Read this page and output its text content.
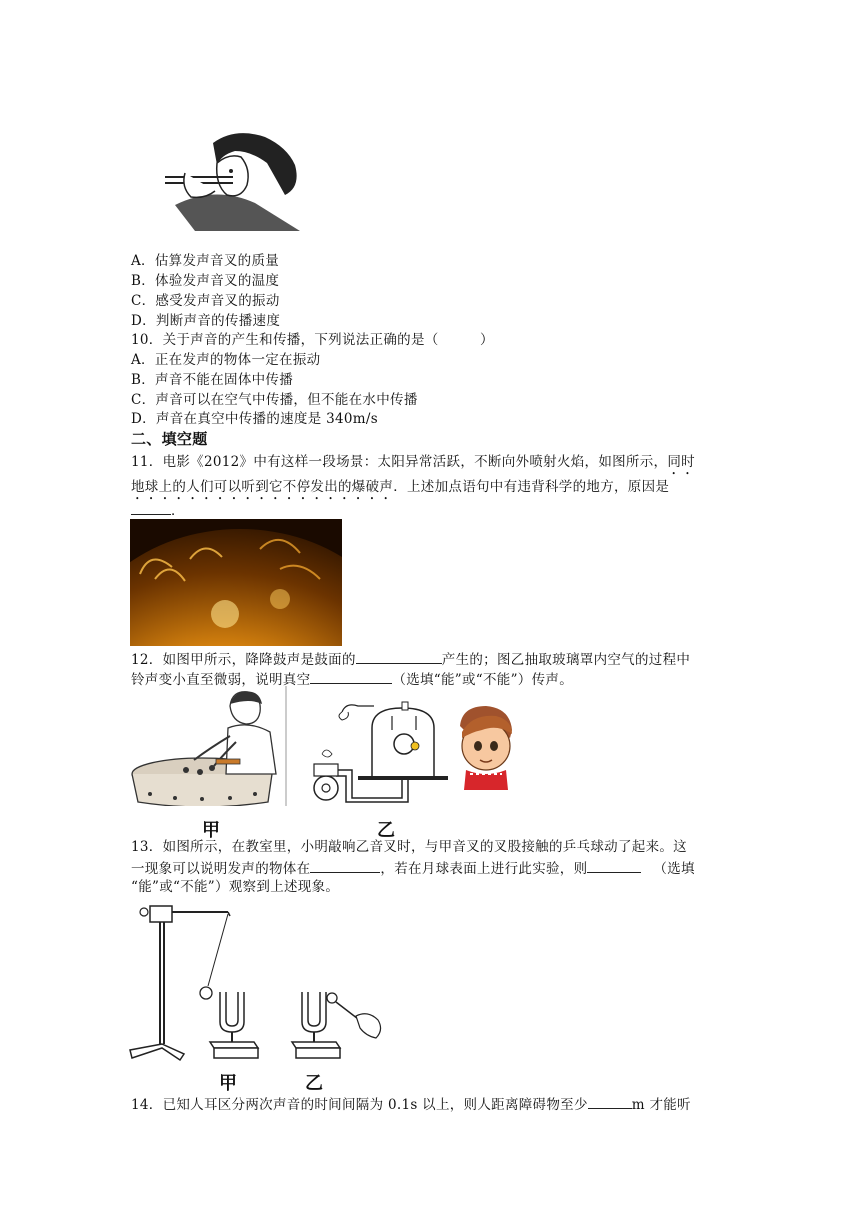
A．估算发声音叉的质量
B．体验发声音叉的温度
C．感受发声音叉的振动
D．判断声音的传播速度
10．关于声音的产生和传播，下列说法正确的是（　　　）
A．正在发声的物体一定在振动
B．声音不能在固体中传播
C．声音可以在空气中传播，但不能在水中传播
D．声音在真空中传播的速度是 340m/s
二、填空题
11．电影《2012》中有这样一段场景：太阳异常活跃，不断向外喷射火焰，如图所示，同时
地球上的人们可以听到它不停发出的爆破声．上述加点语句中有违背科学的地方，原因是
．
12．如图甲所示，降降鼓声是鼓面的	产生的；图乙抽取玻璃罩内空气的过程中
铃声变小直至微弱，说明真空	（选填“能”或“不能”）传声。
甲	乙
13．如图所示，在教室里，小明敲响乙音叉时，与甲音叉的叉股接触的乒乓球动了起来。这
一现象可以说明发声的物体在	，若在月球表面上进行此实验，则	（选填
“能”或“不能”）观察到上述现象。
甲	乙
14．已知人耳区分两次声音的时间间隔为 0.1s 以上，则人距离障碍物至少	m 才能听
